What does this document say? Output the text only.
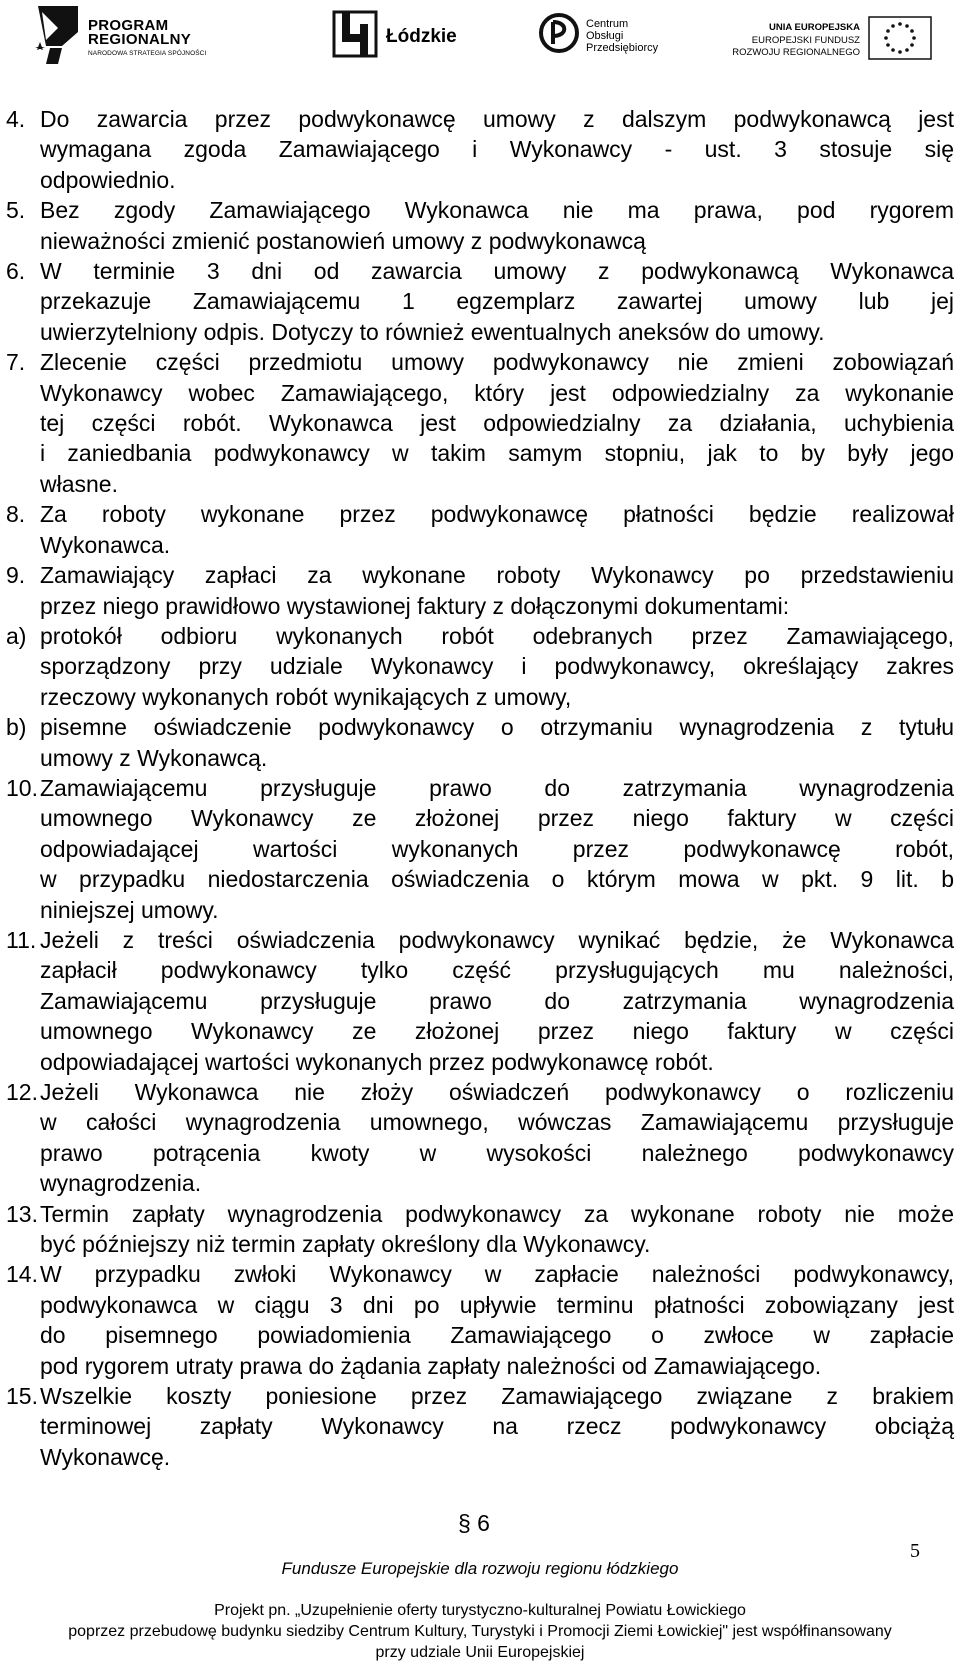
PROGRAM
REGIONALNY
NARODOWA STRATEGIA SPÓJNOŚCI
Łódzkie
Centrum
Obsługi
Przedsiębiorcy
UNIA EUROPEJSKA
EUROPEJSKI FUNDUSZ
ROZWOJU REGIONALNEGO
4. Do zawarcia przez podwykonawcę umowy z dalszym podwykonawcą jest
wymagana zgoda Zamawiającego i Wykonawcy - ust. 3 stosuje się
odpowiednio.
5. Bez zgody Zamawiającego Wykonawca nie ma prawa, pod rygorem
nieważności zmienić postanowień umowy z podwykonawcą
6. W terminie 3 dni od zawarcia umowy z podwykonawcą Wykonawca
przekazuje Zamawiającemu 1 egzemplarz zawartej umowy lub jej
uwierzytelniony odpis. Dotyczy to również ewentualnych aneksów do umowy.
7. Zlecenie części przedmiotu umowy podwykonawcy nie zmieni zobowiązań
Wykonawcy wobec Zamawiającego, który jest odpowiedzialny za wykonanie
tej części robót. Wykonawca jest odpowiedzialny za działania, uchybienia
i zaniedbania podwykonawcy w takim samym stopniu, jak to by były jego
własne.
8. Za roboty wykonane przez podwykonawcę płatności będzie realizował
Wykonawca.
9. Zamawiający zapłaci za wykonane roboty Wykonawcy po przedstawieniu
przez niego prawidłowo wystawionej faktury z dołączonymi dokumentami:
a) protokół odbioru wykonanych robót odebranych przez Zamawiającego,
sporządzony przy udziale Wykonawcy i podwykonawcy, określający zakres
rzeczowy wykonanych robót wynikających z umowy,
b) pisemne oświadczenie podwykonawcy o otrzymaniu wynagrodzenia z tytułu
umowy z Wykonawcą.
10. Zamawiającemu przysługuje prawo do zatrzymania wynagrodzenia
umownego Wykonawcy ze złożonej przez niego faktury w części
odpowiadającej wartości wykonanych przez podwykonawcę robót,
w przypadku niedostarczenia oświadczenia o którym mowa w pkt. 9 lit. b
niniejszej umowy.
11. Jeżeli z treści oświadczenia podwykonawcy wynikać będzie, że Wykonawca
zapłacił podwykonawcy tylko część przysługujących mu należności,
Zamawiającemu przysługuje prawo do zatrzymania wynagrodzenia
umownego Wykonawcy ze złożonej przez niego faktury w części
odpowiadającej wartości wykonanych przez podwykonawcę robót.
12. Jeżeli Wykonawca nie złoży oświadczeń podwykonawcy o rozliczeniu
w całości wynagrodzenia umownego, wówczas Zamawiającemu przysługuje
prawo potrącenia kwoty w wysokości należnego podwykonawcy
wynagrodzenia.
13. Termin zapłaty wynagrodzenia podwykonawcy za wykonane roboty nie może
być późniejszy niż termin zapłaty określony dla Wykonawcy.
14. W przypadku zwłoki Wykonawcy w zapłacie należności podwykonawcy,
podwykonawca w ciągu 3 dni po upływie terminu płatności zobowiązany jest
do pisemnego powiadomienia Zamawiającego o zwłoce w zapłacie
pod rygorem utraty prawa do żądania zapłaty należności od Zamawiającego.
15. Wszelkie koszty poniesione przez Zamawiającego związane z brakiem
terminowej zapłaty Wykonawcy na rzecz podwykonawcy obciążą
Wykonawcę.
§ 6
5
Fundusze Europejskie dla rozwoju regionu łódzkiego
Projekt pn. „Uzupełnienie oferty turystyczno-kulturalnej Powiatu Łowickiego
poprzez przebudowę budynku siedziby Centrum Kultury, Turystyki i Promocji Ziemi Łowickiej" jest współfinansowany
przy udziale Unii Europejskiej
